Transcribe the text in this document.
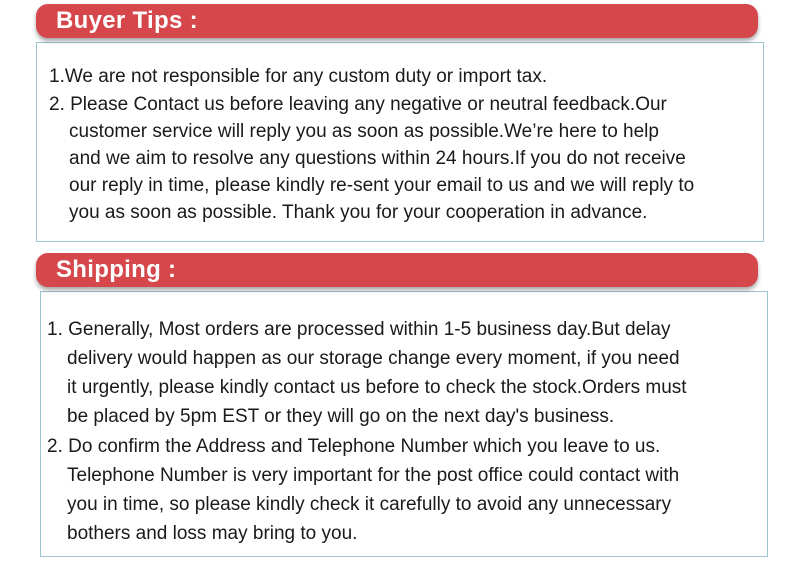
Buyer Tips :

1.We are not responsible for any custom duty or import tax.

2. Please Contact us before leaving any negative or neutral feedback.Our
customer service will reply you as soon as possible.We’re here to help
and we aim to resolve any questions within 24 hours.If you do not receive
our reply in time, please kindly re-sent your email to us and we will reply to
you as soon as possible. Thank you for your cooperation in advance.

Shipping :

1. Generally, Most orders are processed within 1-5 business day.But delay
delivery would happen as our storage change every moment, if you need
it urgently, please kindly contact us before to check the stock.Orders must
be placed by 5pm EST or they will go on the next day's business.

2. Do confirm the Address and Telephone Number which you leave to us.
Telephone Number is very important for the post office could contact with
you in time, so please kindly check it carefully to avoid any unnecessary
bothers and loss may bring to you.
